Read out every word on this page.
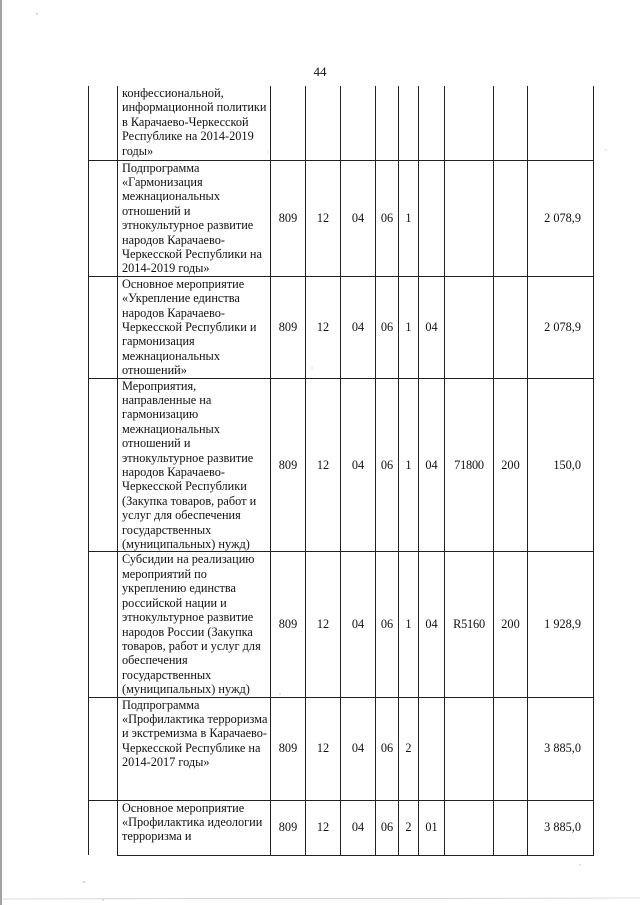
44
	конфессиональной, информационной политики в Карачаево-Черкесской Республике на 2014-2019 годы»									
	Подпрограмма «Гармонизация межнациональных отношений и этнокультурное развитие народов Карачаево-Черкесской Республики на 2014-2019 годы»	809	12	04	06	1				2 078,9
	Основное мероприятие «Укрепление единства народов Карачаево-Черкесской Республики и гармонизация межнациональных отношений»	809	12	04	06	1	04			2 078,9
	Мероприятия, направленные на гармонизацию межнациональных отношений и этнокультурное развитие народов Карачаево-Черкесской Республики (Закупка товаров, работ и услуг для обеспечения государственных (муниципальных) нужд)	809	12	04	06	1	04	71800	200	150,0
	Субсидии на реализацию мероприятий по укреплению единства российской нации и этнокультурное развитие народов России (Закупка товаров, работ и услуг для обеспечения государственных (муниципальных) нужд)	809	12	04	06	1	04	R5160	200	1 928,9
	Подпрограмма «Профилактика терроризма и экстремизма в Карачаево-Черкесской Республике на 2014-2017 годы»	809	12	04	06	2				3 885,0
	Основное мероприятие «Профилактика идеологии терроризма и	809	12	04	06	2	01			3 885,0
